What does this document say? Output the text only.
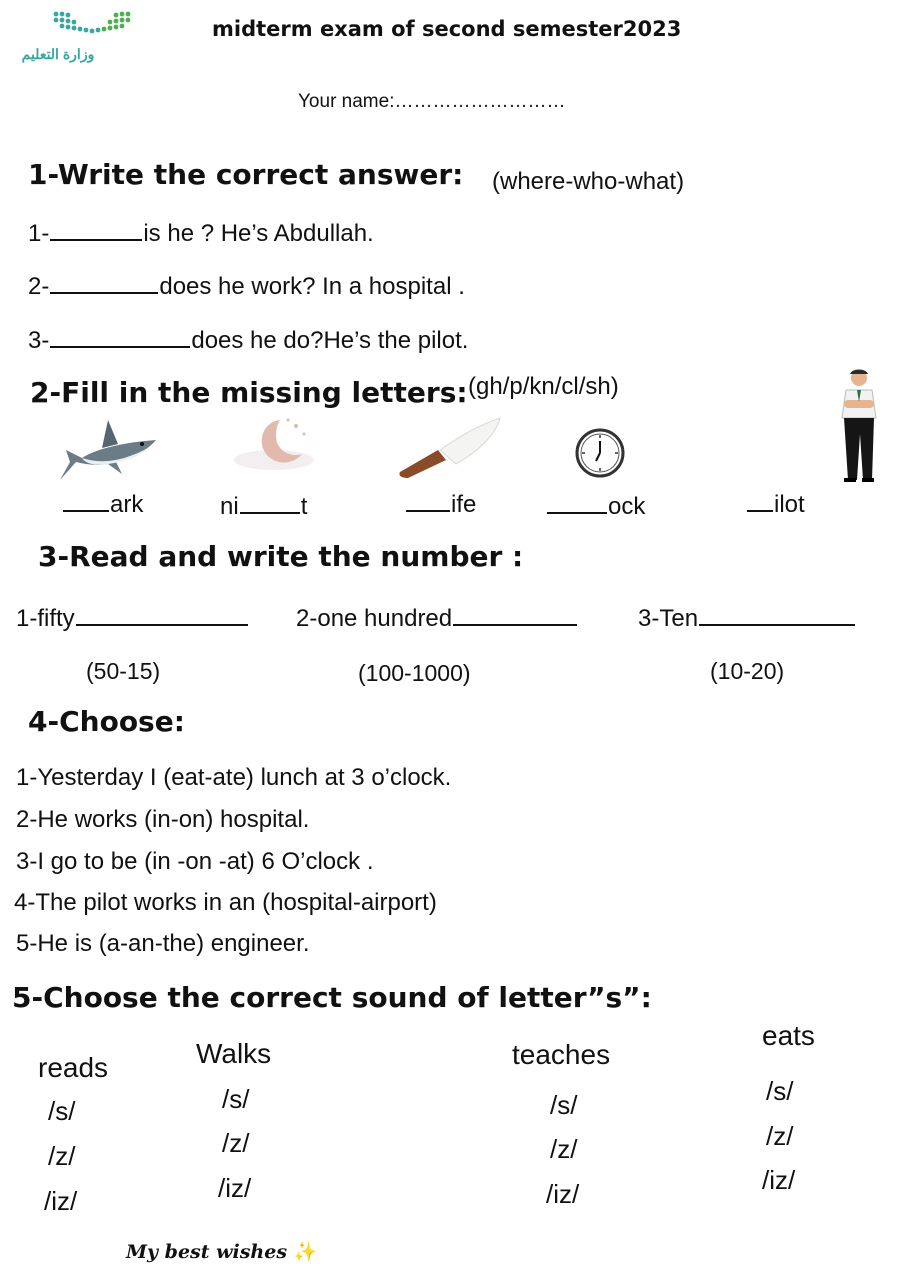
وزارة التعليم
midterm exam of second semester2023
Your name:………………………
1-Write the correct answer: (where-who-what)
1-	is he ? He’s Abdullah.
2-	does he work? In a hospital .
3-	does he do?He’s the pilot.
2-Fill in the missing letters: (gh/p/kn/cl/sh)
ark	ni	t	ife	ock	ilot
3-Read and write the number :
1-fifty	2-one hundred	3-Ten
(50-15)	(100-1000)	(10-20)
4-Choose:
1-Yesterday I (eat-ate) lunch at 3 o’clock.
2-He works (in-on) hospital.
3-I go to be (in -on -at) 6 O’clock .
4-The pilot works in an (hospital-airport)
5-He is (a-an-the) engineer.
5-Choose the correct sound of letter”s”:
reads
/s/
/z/
/iz/
Walks
/s/
/z/
/iz/
teaches
/s/
/z/
/iz/
eats
/s/
/z/
/iz/
My best wishes ✨
